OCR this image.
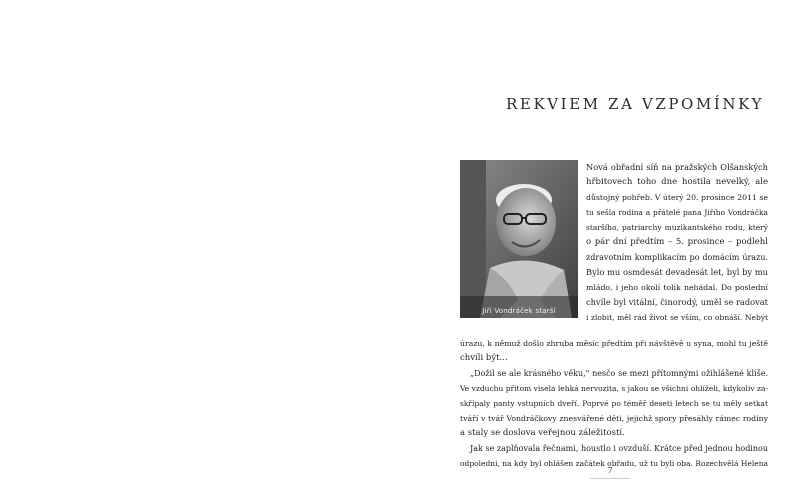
REKVIEM ZA VZPOMÍNKY
Jiří Vondráček starší
Nová obřadní síň na pražských Olšanských
hřbitovech toho dne hostila nevelký, ale
důstojný pohřeb. V úterý 20. prosince 2011 se
tu sešla rodina a přátelé pana Jiřího Vondráčka
staršího, patriarchy muzikantského rodu, který
o pár dní předtím – 5. prosince – podlehl
zdravotním komplikacím po domácím úrazu.
Bylo mu osmdesát devadesát let, byl by mu
mládo, i jeho okolí tolik nehádal. Do poslední
chvíle byl vitální, činorodý, uměl se radovat
i zlobit, měl rád život se vším, co obnáší. Nebýt

úrazu, k němuž došlo zhruba měsíc předtím při návštěvě u syna, mohl tu ještě
chvíli být...

„Dožil se ale krásného věku," nesčo se mezi přítomnými ožihlášené klíše.
Ve vzduchu přitom visela lehká nervozita, s jakou se všichni ohlíželi, kdykoliv za-
skřípaly panty vstupních dveří. Poprvé po téměř deseti letech se tu měly setkat
tváří v tvář Vondráčkovy znesvářené děti, jejichž spory přesáhly rámec rodiny
a staly se doslova veřejnou záležitostí.

Jak se zaplňovala řečnami, houstlo i ovzduší. Krátce před jednou hodinou
odpoledni, na kdy byl ohlášen začátek obřadu, už tu byli oba. Rozechvělá Helena

7
